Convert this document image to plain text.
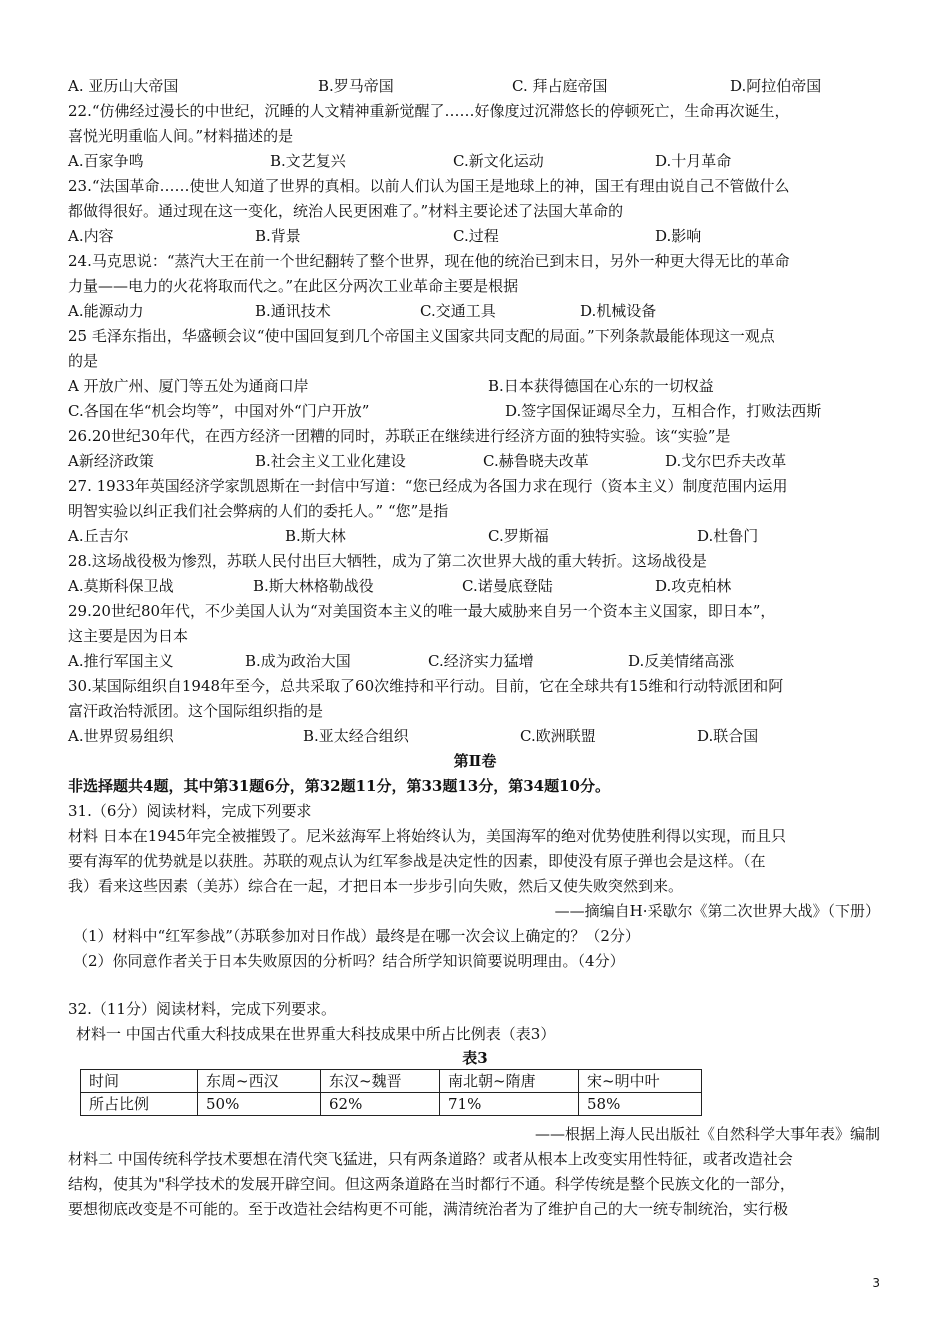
A. 亚历山大帝国	B.罗马帝国	C. 拜占庭帝国	D.阿拉伯帝国
22.“仿佛经过漫长的中世纪，沉睡的人文精神重新觉醒了……好像度过沉滞悠长的停顿死亡，生命再次诞生，
喜悦光明重临人间。”材料描述的是
A.百家争鸣	B.文艺复兴	C.新文化运动	D.十月革命
23.“法国革命……使世人知道了世界的真相。以前人们认为国王是地球上的神，国王有理由说自己不管做什么
都做得很好。通过现在这一变化，统治人民更困难了。”材料主要论述了法国大革命的
A.内容	B.背景	C.过程	D.影响
24.马克思说：“蒸汽大王在前一个世纪翻转了整个世界，现在他的统治已到末日，另外一种更大得无比的革命
力量——电力的火花将取而代之。”在此区分两次工业革命主要是根据
A.能源动力	B.通讯技术	C.交通工具	D.机械设备
25 毛泽东指出，华盛顿会议“使中国回复到几个帝国主义国家共同支配的局面。”下列条款最能体现这一观点
的是
A 开放广州、厦门等五处为通商口岸	B.日本获得德国在心东的一切权益
C.各国在华“机会均等”，中国对外“门户开放”	D.签字国保证竭尽全力，互相合作，打败法西斯
26.20世纪30年代，在西方经济一团糟的同时，苏联正在继续进行经济方面的独特实验。该“实验”是
A新经济政策	B.社会主义工业化建设	C.赫鲁晓夫改革	D.戈尔巴乔夫改革
27. 1933年英国经济学家凯恩斯在一封信中写道：“您已经成为各国力求在现行（资本主义）制度范围内运用
明智实验以纠正我们社会弊病的人们的委托人。” “您”是指
A.丘吉尔	B.斯大林	C.罗斯福	D.杜鲁门
28.这场战役极为惨烈，苏联人民付出巨大牺牲，成为了第二次世界大战的重大转折。这场战役是
A.莫斯科保卫战	B.斯大林格勒战役	C.诺曼底登陆	D.攻克柏林
29.20世纪80年代，不少美国人认为“对美国资本主义的唯一最大威胁来自另一个资本主义国家，即日本”，
这主要是因为日本
A.推行军国主义	B.成为政治大国	C.经济实力猛增	D.反美情绪高涨
30.某国际组织自1948年至今，总共采取了60次维持和平行动。目前，它在全球共有15维和行动特派团和阿
富汗政治特派团。这个国际组织指的是
A.世界贸易组织	B.亚太经合组织	C.欧洲联盟	D.联合国
第Ⅱ卷
非选择题共4题，其中第31题6分，第32题11分，第33题13分，第34题10分。
31.（6分）阅读材料，完成下列要求
材料 日本在1945年完全被摧毁了。尼米兹海军上将始终认为，美国海军的绝对优势使胜利得以实现，而且只
要有海军的优势就是以获胜。苏联的观点认为红军参战是决定性的因素，即使没有原子弹也会是这样。（在
我）看来这些因素（美苏）综合在一起，才把日本一步步引向失败，然后又使失败突然到来。
——摘编自H·采歇尔《第二次世界大战》（下册）
（1）材料中“红军参战”（苏联参加对日作战）最终是在哪一次会议上确定的？（2分）
（2）你同意作者关于日本失败原因的分析吗？结合所学知识简要说明理由。（4分）
32.（11分）阅读材料，完成下列要求。
材料一 中国古代重大科技成果在世界重大科技成果中所占比例表（表3）
表3
时间	东周~西汉	东汉~魏晋	南北朝~隋唐	宋~明中叶
所占比例	50%	62%	71%	58%
——根据上海人民出版社《自然科学大事年表》编制
材料二 中国传统科学技术要想在清代突飞猛进，只有两条道路？或者从根本上改变实用性特征，或者改造社会
结构，使其为"科学技术的发展开辟空间。但这两条道路在当时都行不通。科学传统是整个民族文化的一部分，
要想彻底改变是不可能的。至于改造社会结构更不可能，满清统治者为了维护自己的大一统专制统治，实行极
3
